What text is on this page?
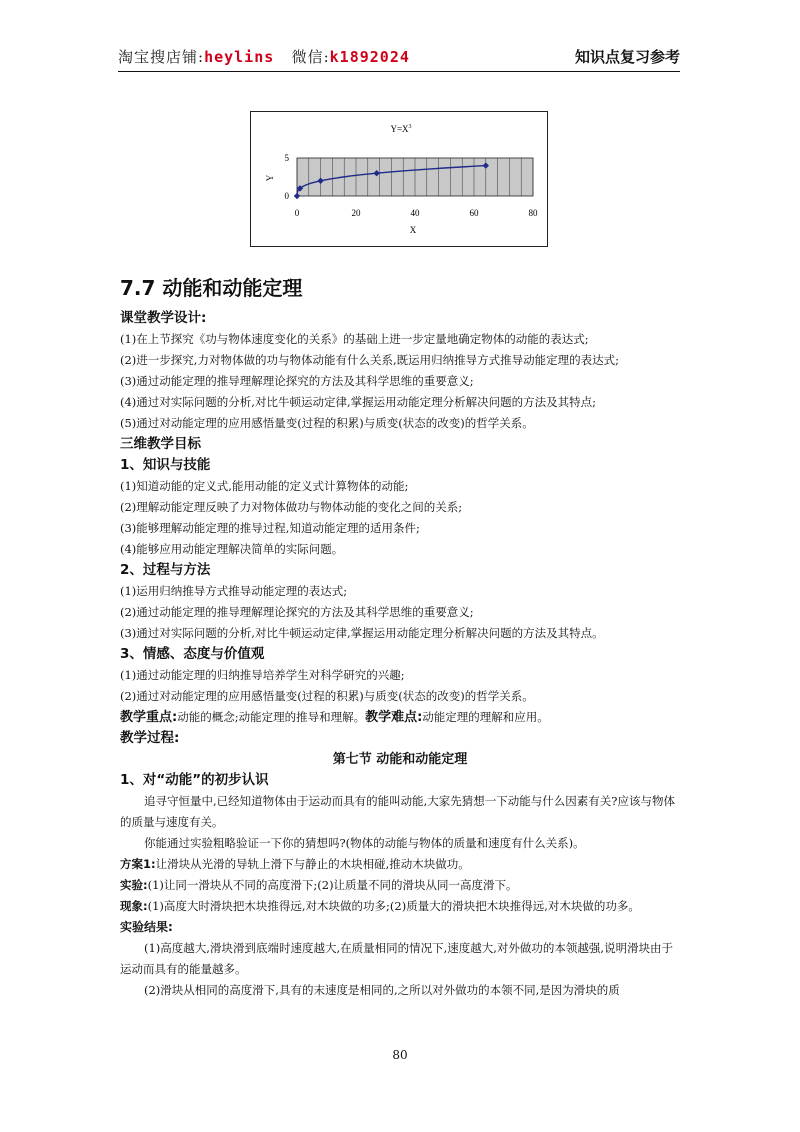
淘宝搜店铺:heylins 微信:k1892024	知识点复习参考
$Y=X^3$
0	20	40	60	80
0
5
X
Y
7.7 动能和动能定理
课堂教学设计:
(1)在上节探究《功与物体速度变化的关系》的基础上进一步定量地确定物体的动能的表达式;
(2)进一步探究,力对物体做的功与物体动能有什么关系,既运用归纳推导方式推导动能定理的表达式;
(3)通过动能定理的推导理解理论探究的方法及其科学思维的重要意义;
(4)通过对实际问题的分析,对比牛顿运动定律,掌握运用动能定理分析解决问题的方法及其特点;
(5)通过对动能定理的应用感悟量变(过程的积累)与质变(状态的改变)的哲学关系。
三维教学目标
1、知识与技能
(1)知道动能的定义式,能用动能的定义式计算物体的动能;
(2)理解动能定理反映了力对物体做功与物体动能的变化之间的关系;
(3)能够理解动能定理的推导过程,知道动能定理的适用条件;
(4)能够应用动能定理解决简单的实际问题。
2、过程与方法
(1)运用归纳推导方式推导动能定理的表达式;
(2)通过动能定理的推导理解理论探究的方法及其科学思维的重要意义;
(3)通过对实际问题的分析,对比牛顿运动定律,掌握运用动能定理分析解决问题的方法及其特点。
3、情感、态度与价值观
(1)通过动能定理的归纳推导培养学生对科学研究的兴趣;
(2)通过对动能定理的应用感悟量变(过程的积累)与质变(状态的改变)的哲学关系。
教学重点:动能的概念;动能定理的推导和理解。教学难点:动能定理的理解和应用。
教学过程:
第七节 动能和动能定理
1、对“动能”的初步认识
追寻守恒量中,已经知道物体由于运动而具有的能叫动能,大家先猜想一下动能与什么因素有关?应该与物体的质量与速度有关。
你能通过实验粗略验证一下你的猜想吗?(物体的动能与物体的质量和速度有什么关系)。
方案1:让滑块从光滑的导轨上滑下与静止的木块相碰,推动木块做功。
实验:(1)让同一滑块从不同的高度滑下;(2)让质量不同的滑块从同一高度滑下。
现象:(1)高度大时滑块把木块推得远,对木块做的功多;(2)质量大的滑块把木块推得远,对木块做的功多。
实验结果:
(1)高度越大,滑块滑到底端时速度越大,在质量相同的情况下,速度越大,对外做功的本领越强,说明滑块由于运动而具有的能量越多。
(2)滑块从相同的高度滑下,具有的末速度是相同的,之所以对外做功的本领不同,是因为滑块的质
80
